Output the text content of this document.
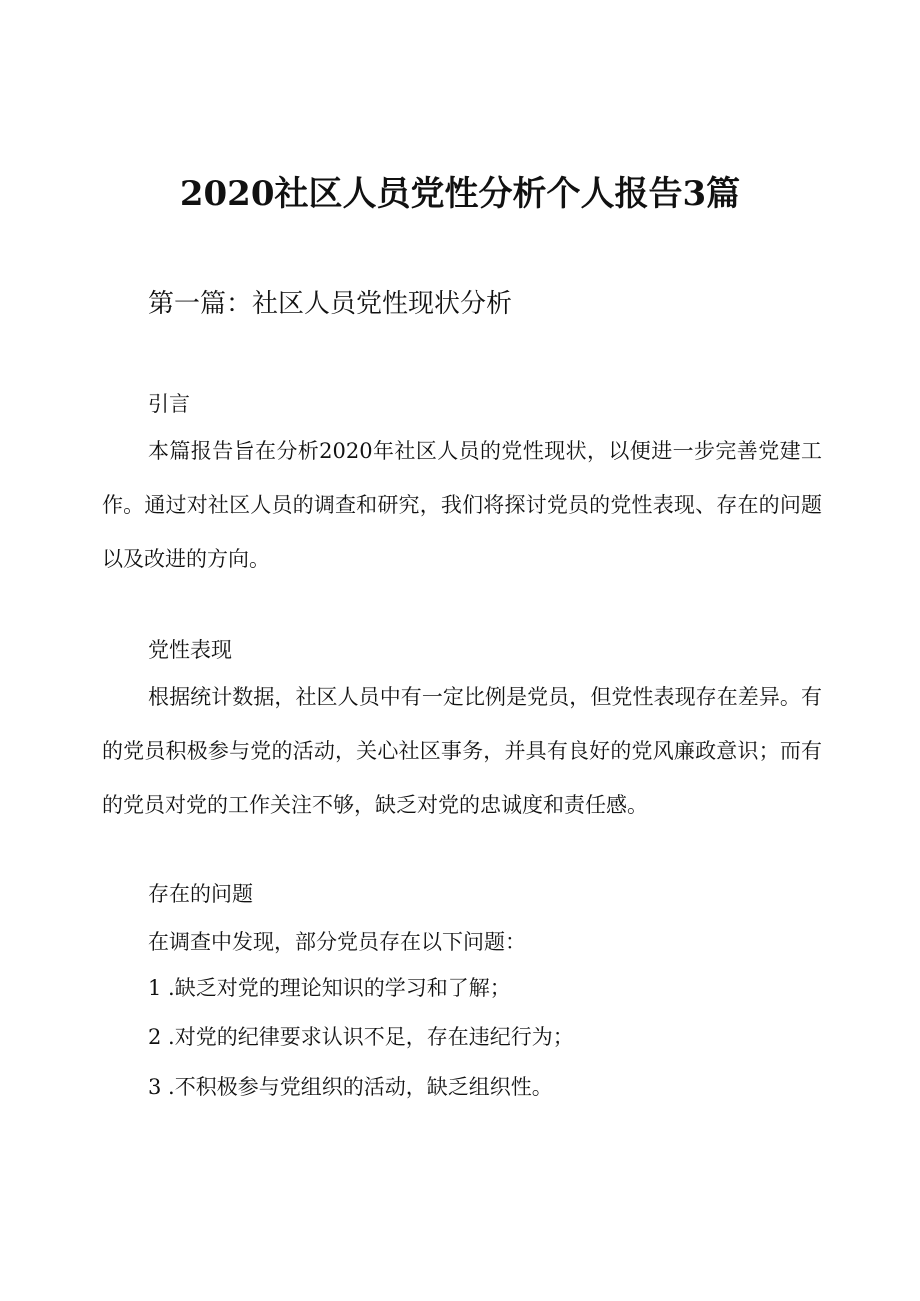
2020社区人员党性分析个人报告3篇
第一篇：社区人员党性现状分析
引言

本篇报告旨在分析2020年社区人员的党性现状，以便进一步完善党建工作。通过对社区人员的调查和研究，我们将探讨党员的党性表现、存在的问题以及改进的方向。

党性表现

根据统计数据，社区人员中有一定比例是党员，但党性表现存在差异。有的党员积极参与党的活动，关心社区事务，并具有良好的党风廉政意识；而有的党员对党的工作关注不够，缺乏对党的忠诚度和责任感。

存在的问题

在调查中发现，部分党员存在以下问题：

1 .缺乏对党的理论知识的学习和了解；

2 .对党的纪律要求认识不足，存在违纪行为；

3 .不积极参与党组织的活动，缺乏组织性。
